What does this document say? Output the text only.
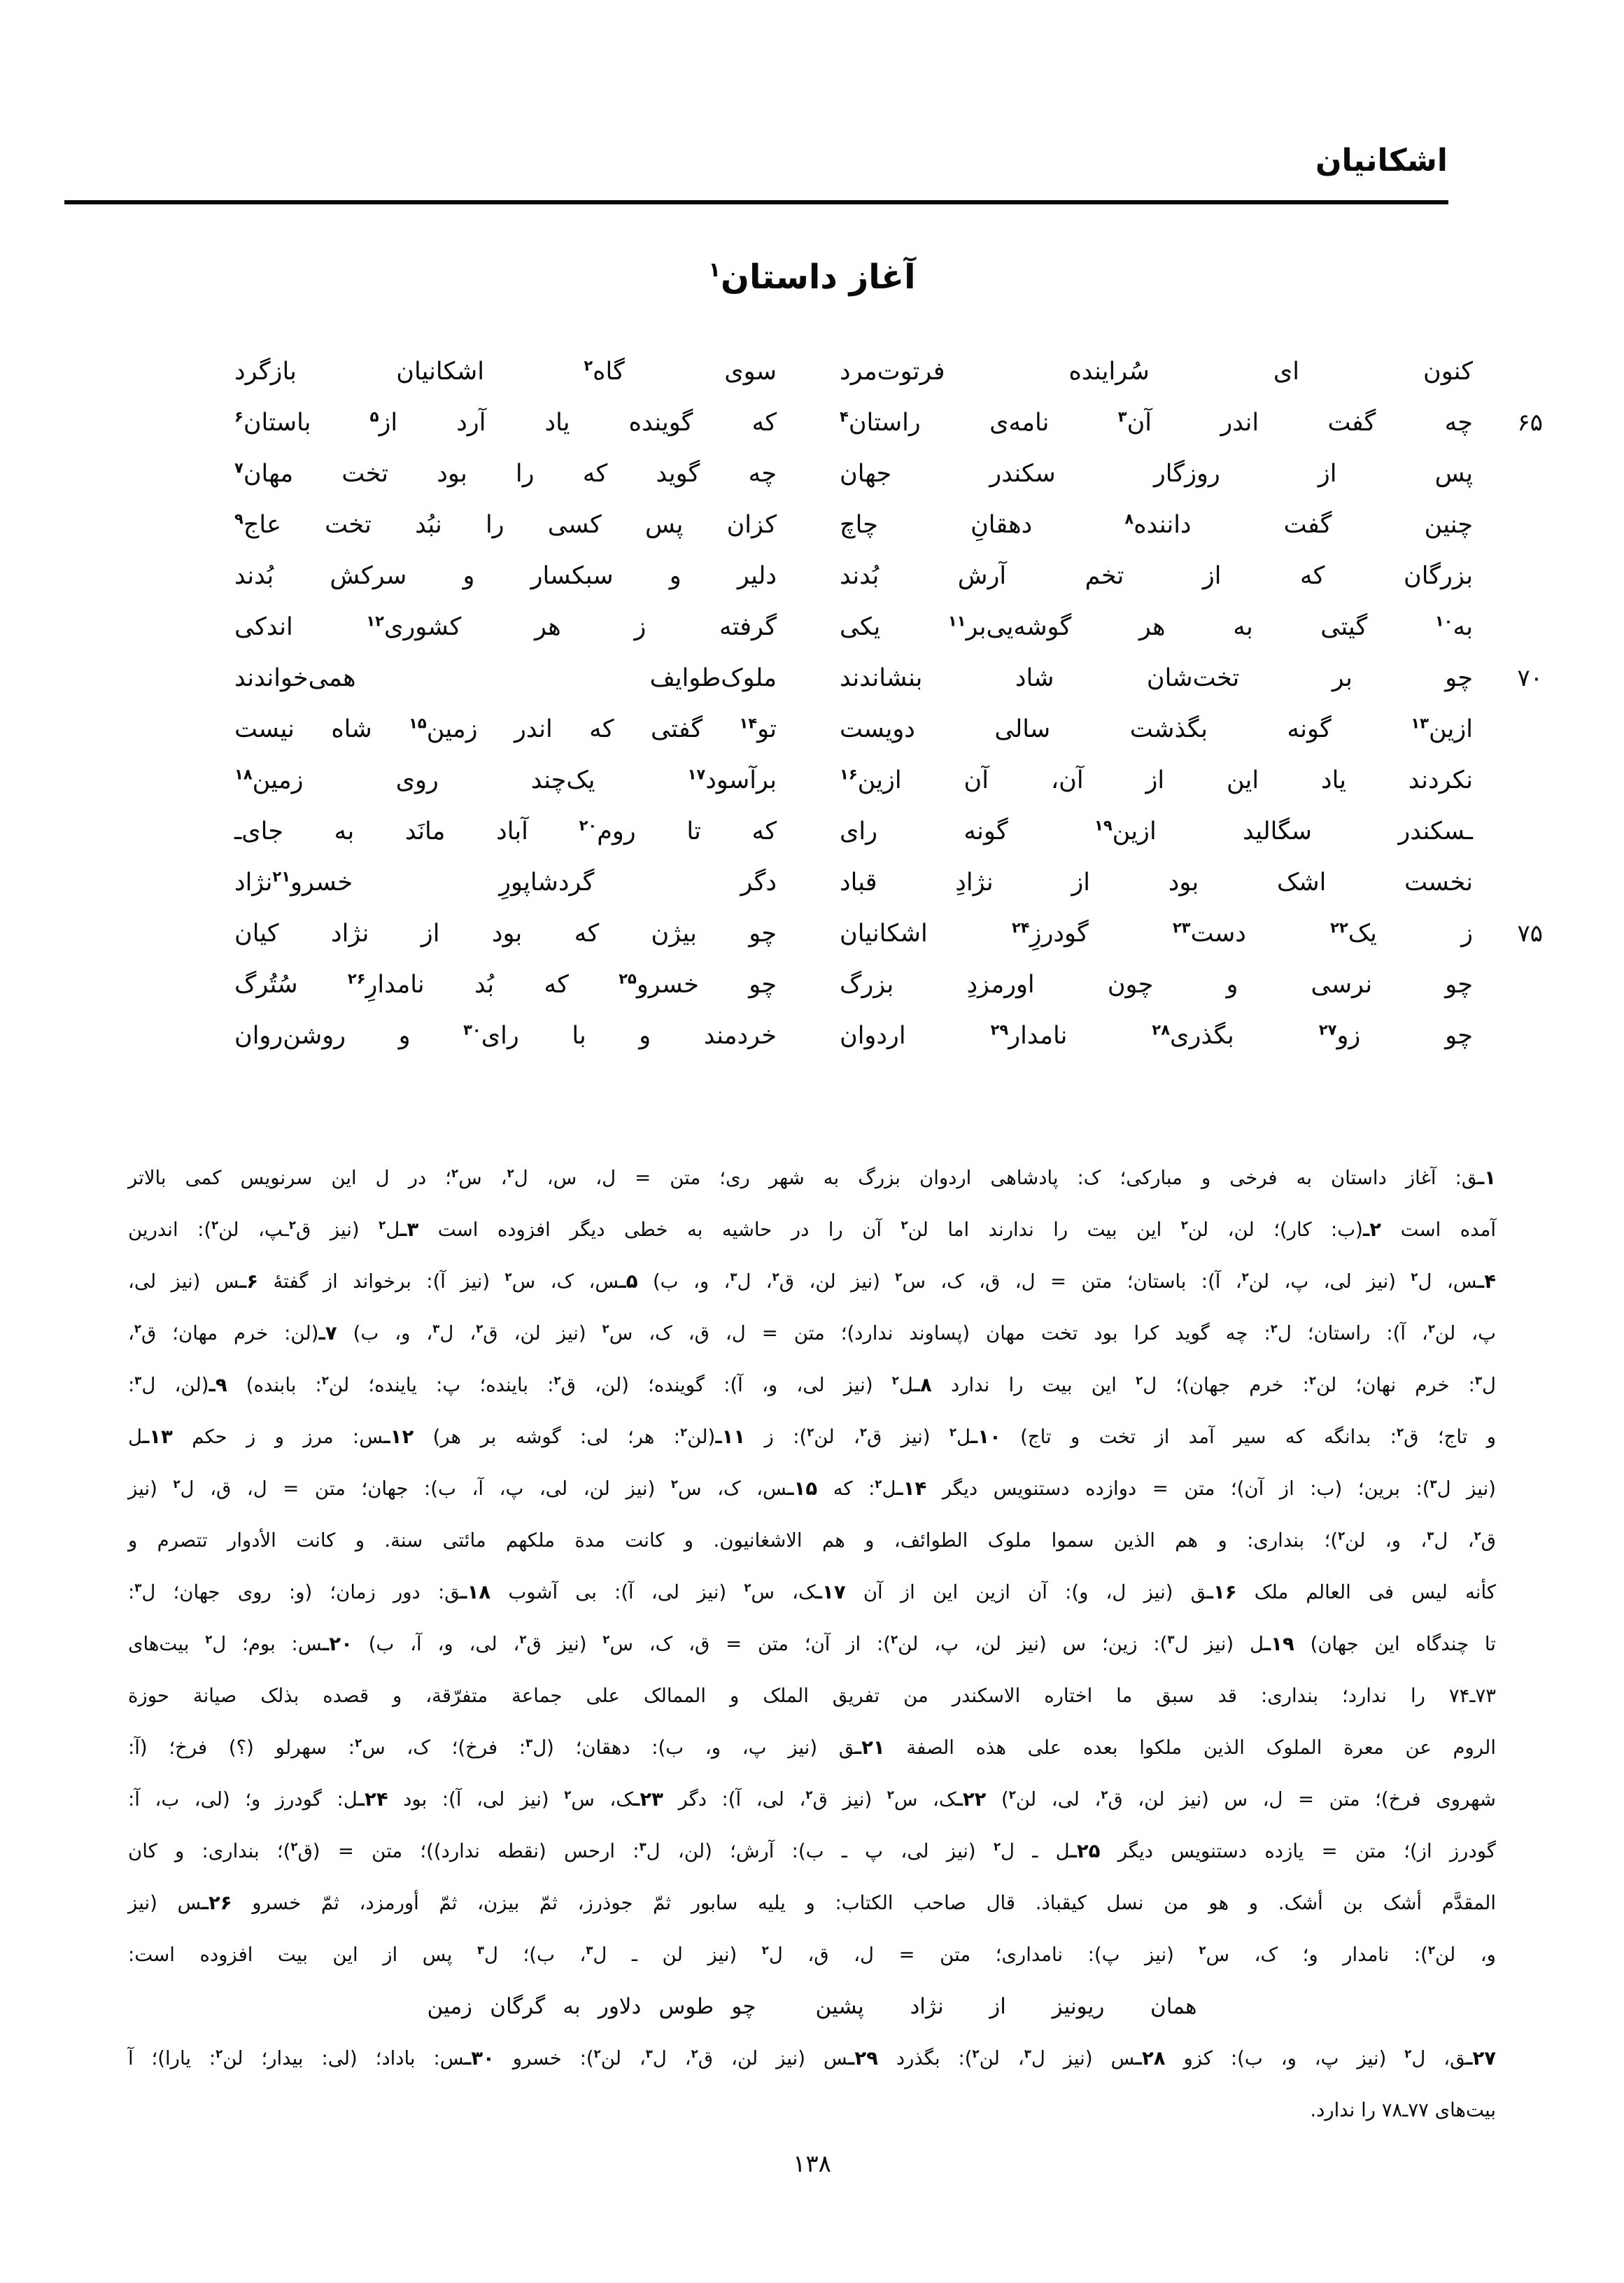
اشکانیان
آغاز داستان$^۱$
کنون ای سُراینده فرتوت‌مرد
سوی گاه$^۲$ اشکانیان بازگرد
۶۵
چه گفت اندر آن$^۳$ نامه‌ی راستان$^۴$
که گوینده یاد آرد از$^۵$ باستان$^۶$
پس از روزگار سکندر جهان
چه گوید که را بود تخت مهان$^۷$
چنین گفت داننده$^۸$ دهقانِ چاچ
کزان پس کسی را نبُد تخت عاج$^۹$
بزرگان که از تخم آرش بُدند
دلیر و سبکسار و سرکش بُدند
به$^{۱۰}$ گیتی به هر گوشه‌یی‌بر$^{۱۱}$ یکی
گرفته ز هر کشوری$^{۱۲}$ اندکی
۷۰
چو بر تخت‌شان شاد بنشاندند
ملوک‌طوایف همی‌خواندند
ازین$^{۱۳}$ گونه بگذشت سالی دویست
تو$^{۱۴}$ گفتی که اندر زمین$^{۱۵}$ شاه نیست
نکردند یاد این از آن، آن ازین$^{۱۶}$
برآسود$^{۱۷}$ یک‌چند روی زمین$^{۱۸}$
ـسکندر سگالید ازین$^{۱۹}$ گونه رای
که تا روم$^{۲۰}$ آباد مانَد به جای‌ـ
نخست اشک بود از نژادِ قباد
دگر گردشاپورِ خسرو$^{۲۱}$نژاد
۷۵
ز یک$^{۲۲}$ دست$^{۲۳}$ گودرزِ$^{۲۴}$ اشکانیان
چو بیژن که بود از نژاد کیان
چو نرسی و چون اورمزدِ بزرگ
چو خسرو$^{۲۵}$ که بُد نامدارِ$^{۲۶}$ سُتُرگ
چو زو$^{۲۷}$ بگذری$^{۲۸}$ نامدار$^{۲۹}$ اردوان
خردمند و با رای$^{۳۰}$ و روشن‌روان
۱ـق: آغاز داستان به فرخی و مبارکی؛ ک: پادشاهی اردوان بزرگ به شهر ری؛ متن = ل، س، ل$^۲$، س$^۲$؛ در ل این سرنویس کمی بالاتر
آمده است ۲ـ(ب: کار)؛ لن، لن$^۲$ این بیت را ندارند اما لن$^۲$ آن را در حاشیه به خطی دیگر افزوده است ۳ـل$^۲$ (نیز ق$^۲$ـپ، لن$^۲$): اندرین
۴ـس، ل$^۲$ (نیز لی، پ، لن$^۲$، آ): باستان؛ متن = ل، ق، ک، س$^۲$ (نیز لن، ق$^۲$، ل$^۳$، و، ب) ۵ـس، ک، س$^۲$ (نیز آ): برخواند از گفتهٔ ۶ـس (نیز لی،
پ، لن$^۲$، آ): راستان؛ ل$^۲$: چه گوید کرا بود تخت مهان (پساوند ندارد)؛ متن = ل، ق، ک، س$^۲$ (نیز لن، ق$^۲$، ل$^۳$، و، ب) ۷ـ(لن: خرم مهان؛ ق$^۲$،
ل$^۳$: خرم نهان؛ لن$^۲$: خرم جهان)؛ ل$^۲$ این بیت را ندارد ۸ـل$^۲$ (نیز لی، و، آ): گوینده؛ (لن، ق$^۲$: باینده؛ پ: یاینده؛ لن$^۲$: بابنده) ۹ـ(لن، ل$^۳$:
و تاج؛ ق$^۲$: بدانگه که سیر آمد از تخت و تاج) ۱۰ـل$^۲$ (نیز ق$^۲$، لن$^۲$): ز ۱۱ـ(لن$^۲$: هر؛ لی: گوشه بر هر) ۱۲ـس: مرز و ز حکم ۱۳ـل
(نیز ل$^۳$): برین؛ (ب: از آن)؛ متن = دوازده دستنویس دیگر ۱۴ـل$^۲$: که ۱۵ـس، ک، س$^۲$ (نیز لن، لی، پ، آ، ب): جهان؛ متن = ل، ق، ل$^۲$ (نیز
ق$^۲$، ل$^۳$، و، لن$^۲$)؛ بنداری: و هم الذین سموا ملوک الطوائف، و هم الاشغانیون. و کانت مدة ملکهم مائتی سنة. و کانت الأدوار تتصرم و
کأنه لیس فی العالم ملک ۱۶ـق (نیز ل، و): آن ازین این از آن ۱۷ـک، س$^۲$ (نیز لی، آ): بی آشوب ۱۸ـق: دور زمان؛ (و: روی جهان؛ ل$^۳$:
تا چندگاه این جهان) ۱۹ـل (نیز ل$^۳$): زین؛ س (نیز لن، پ، لن$^۲$): از آن؛ متن = ق، ک، س$^۲$ (نیز ق$^۲$، لی، و، آ، ب) ۲۰ـس: بوم؛ ل$^۲$ بیت‌های
۷۳ـ۷۴ را ندارد؛ بنداری: قد سبق ما اختاره الاسکندر من تفریق الملک و الممالک علی جماعة متفرّقة، و قصده بذلک صیانة حوزة
الروم عن معرة الملوک الذین ملکوا بعده علی هذه الصفة ۲۱ـق (نیز پ، و، ب): دهقان؛ (ل$^۳$: فرخ)؛ ک، س$^۲$: سهرلو (؟) فرخ؛ (آ:
شهروی فرخ)؛ متن = ل، س (نیز لن، ق$^۲$، لی، لن$^۲$) ۲۲ـک، س$^۲$ (نیز ق$^۲$، لی، آ): دگر ۲۳ـک، س$^۲$ (نیز لی، آ): بود ۲۴ـل: گودرز و؛ (لی، ب، آ:
گودرز از)؛ متن = یازده دستنویس دیگر ۲۵ـل ـ ل$^۲$ (نیز لی، پ ـ ب): آرش؛ (لن، ل$^۳$: ارحس (نقطه ندارد))؛ متن = (ق$^۲$)؛ بنداری: و کان
المقدَّم أشک بن أشک. و هو من نسل کیقباذ. قال صاحب الکتاب: و یلیه سابور ثمّ جوذرز، ثمّ بیزن، ثمّ أورمزد، ثمّ خسرو ۲۶ـس (نیز
و، لن$^۲$): نامدار و؛ ک، س$^۲$ (نیز پ): نامداری؛ متن = ل، ق، ل$^۲$ (نیز لن ـ ل$^۳$، ب)؛ ل$^۳$ پس از این بیت افزوده است:
همان ریونیز از نژاد پشین
چو طوس دلاور به گرگان زمین
۲۷ـق، ل$^۲$ (نیز پ، و، ب): کزو ۲۸ـس (نیز ل$^۳$، لن$^۲$): بگذرد ۲۹ـس (نیز لن، ق$^۲$، ل$^۳$، لن$^۲$): خسرو ۳۰ـس: باداد؛ (لی: بیدار؛ لن$^۲$: یارا)؛ آ
بیت‌های ۷۷ـ۷۸ را ندارد.
۱۳۸
